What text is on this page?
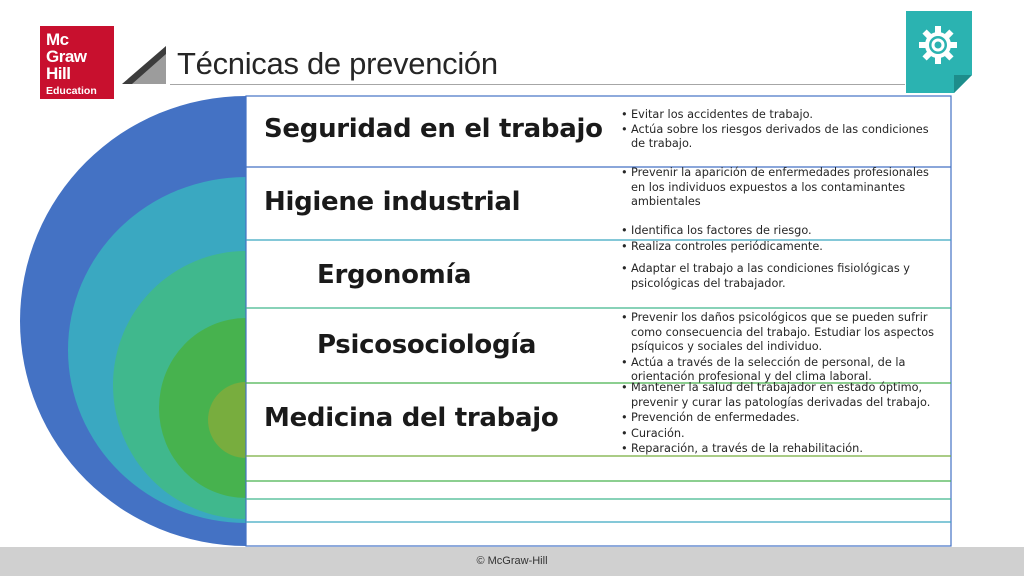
Mc
Graw
Hill
Education
Técnicas de prevención
Seguridad en el trabajo	• Evitar los accidentes de trabajo.
• Actúa sobre los riesgos derivados de las condiciones de trabajo.
Higiene industrial
• Prevenir la aparición de enfermedades profesionales en los individuos expuestos a los contaminantes ambientales
• Identifica los factores de riesgo.
• Realiza controles periódicamente.
Ergonomía	• Adaptar el trabajo a las condiciones fisiológicas y psicológicas del trabajador.
Psicosociología
• Prevenir los daños psicológicos que se pueden sufrir como consecuencia del trabajo. Estudiar los aspectos psíquicos y sociales del individuo.
• Actúa a través de la selección de personal, de la orientación profesional y del clima laboral.
Medicina del trabajo
• Mantener la salud del trabajador en estado óptimo, prevenir y curar las patologías derivadas del trabajo.
• Prevención de enfermedades.
• Curación.
• Reparación, a través de la rehabilitación.
© McGraw-Hill
